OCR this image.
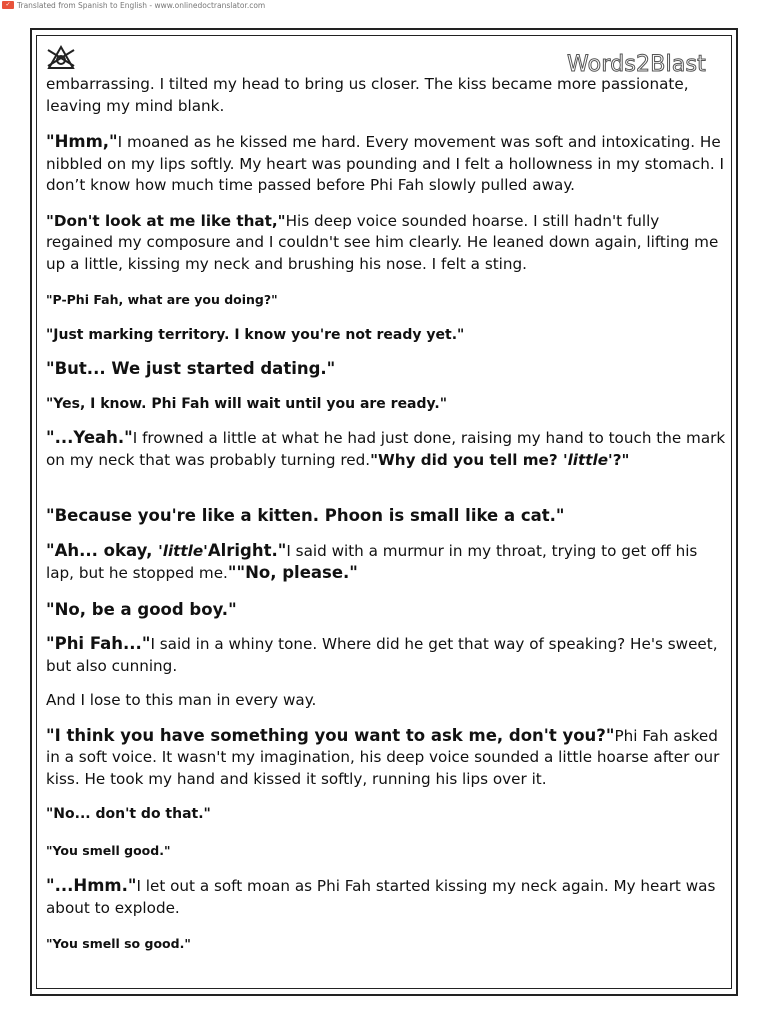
✓ Translated from Spanish to English - www.onlinedoctranslator.com
Words2Blast

embarrassing. I tilted my head to bring us closer. The kiss became more passionate, leaving my mind blank.

"Hmm,"I moaned as he kissed me hard. Every movement was soft and intoxicating. He nibbled on my lips softly. My heart was pounding and I felt a hollowness in my stomach. I don’t know how much time passed before Phi Fah slowly pulled away.

"Don't look at me like that,"His deep voice sounded hoarse. I still hadn't fully regained my composure and I couldn't see him clearly. He leaned down again, lifting me up a little, kissing my neck and brushing his nose. I felt a sting.

"P-Phi Fah, what are you doing?"

"Just marking territory. I know you're not ready yet."

"But... We just started dating."

"Yes, I know. Phi Fah will wait until you are ready."

"...Yeah."I frowned a little at what he had just done, raising my hand to touch the mark on my neck that was probably turning red."Why did you tell me? 'little'?"

"Because you're like a kitten. Phoon is small like a cat."

"Ah... okay, 'little'Alright."I said with a murmur in my throat, trying to get off his lap, but he stopped me.""No, please."

"No, be a good boy."

"Phi Fah..."I said in a whiny tone. Where did he get that way of speaking? He's sweet, but also cunning.

And I lose to this man in every way.

"I think you have something you want to ask me, don't you?"Phi Fah asked in a soft voice. It wasn't my imagination, his deep voice sounded a little hoarse after our kiss. He took my hand and kissed it softly, running his lips over it.

"No... don't do that."

"You smell good."

"...Hmm."I let out a soft moan as Phi Fah started kissing my neck again. My heart was about to explode.

"You smell so good."
